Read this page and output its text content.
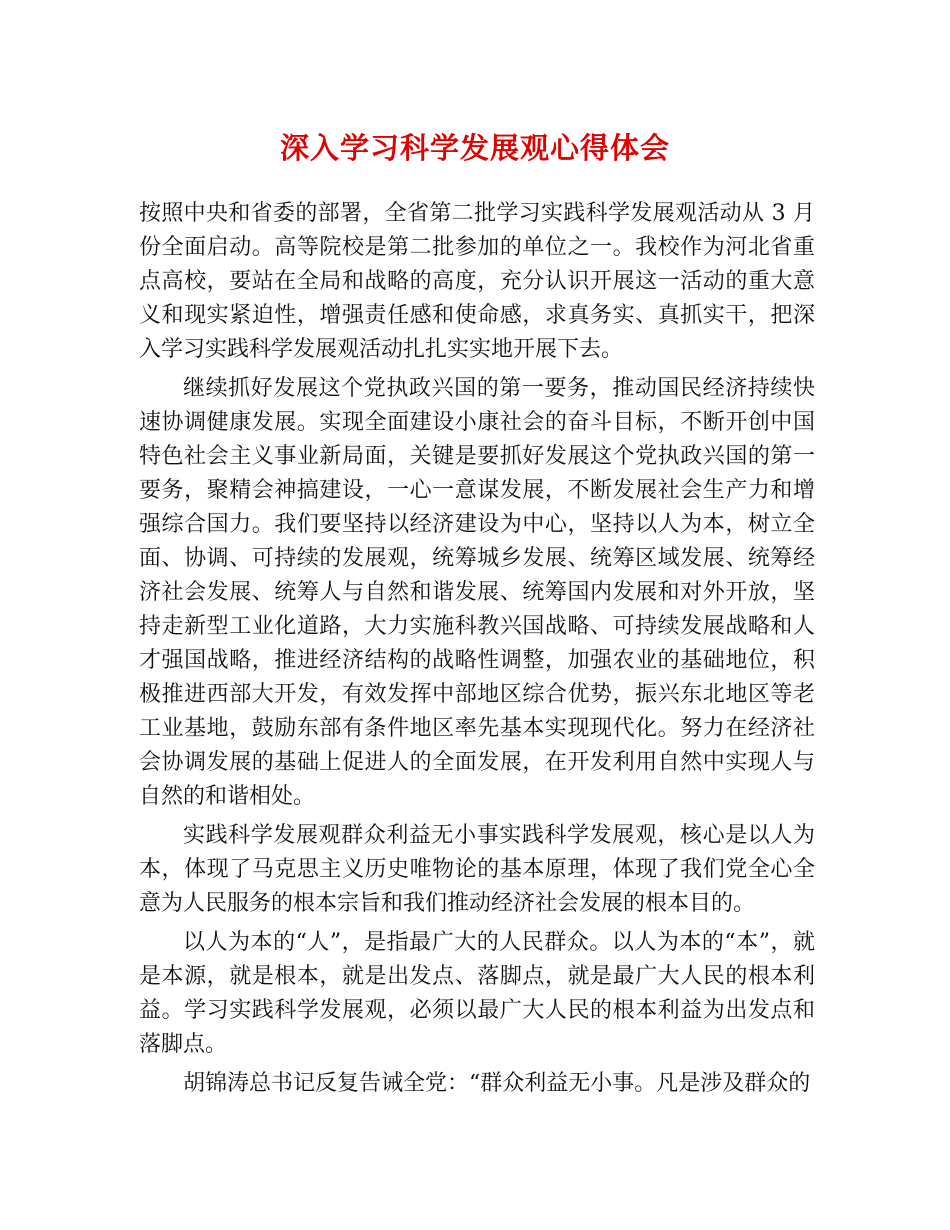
深入学习科学发展观心得体会

按照中央和省委的部署，全省第二批学习实践科学发展观活动从 3 月份全面启动。高等院校是第二批参加的单位之一。我校作为河北省重点高校，要站在全局和战略的高度，充分认识开展这一活动的重大意义和现实紧迫性，增强责任感和使命感，求真务实、真抓实干，把深入学习实践科学发展观活动扎扎实实地开展下去。

继续抓好发展这个党执政兴国的第一要务，推动国民经济持续快速协调健康发展。实现全面建设小康社会的奋斗目标，不断开创中国特色社会主义事业新局面，关键是要抓好发展这个党执政兴国的第一要务，聚精会神搞建设，一心一意谋发展，不断发展社会生产力和增强综合国力。我们要坚持以经济建设为中心，坚持以人为本，树立全面、协调、可持续的发展观，统筹城乡发展、统筹区域发展、统筹经济社会发展、统筹人与自然和谐发展、统筹国内发展和对外开放，坚持走新型工业化道路，大力实施科教兴国战略、可持续发展战略和人才强国战略，推进经济结构的战略性调整，加强农业的基础地位，积极推进西部大开发，有效发挥中部地区综合优势，振兴东北地区等老工业基地，鼓励东部有条件地区率先基本实现现代化。努力在经济社会协调发展的基础上促进人的全面发展，在开发利用自然中实现人与自然的和谐相处。

实践科学发展观群众利益无小事实践科学发展观，核心是以人为本，体现了马克思主义历史唯物论的基本原理，体现了我们党全心全意为人民服务的根本宗旨和我们推动经济社会发展的根本目的。

以人为本的“人”，是指最广大的人民群众。以人为本的“本”，就是本源，就是根本，就是出发点、落脚点，就是最广大人民的根本利益。学习实践科学发展观，必须以最广大人民的根本利益为出发点和落脚点。

胡锦涛总书记反复告诫全党：“群众利益无小事。凡是涉及群众的
